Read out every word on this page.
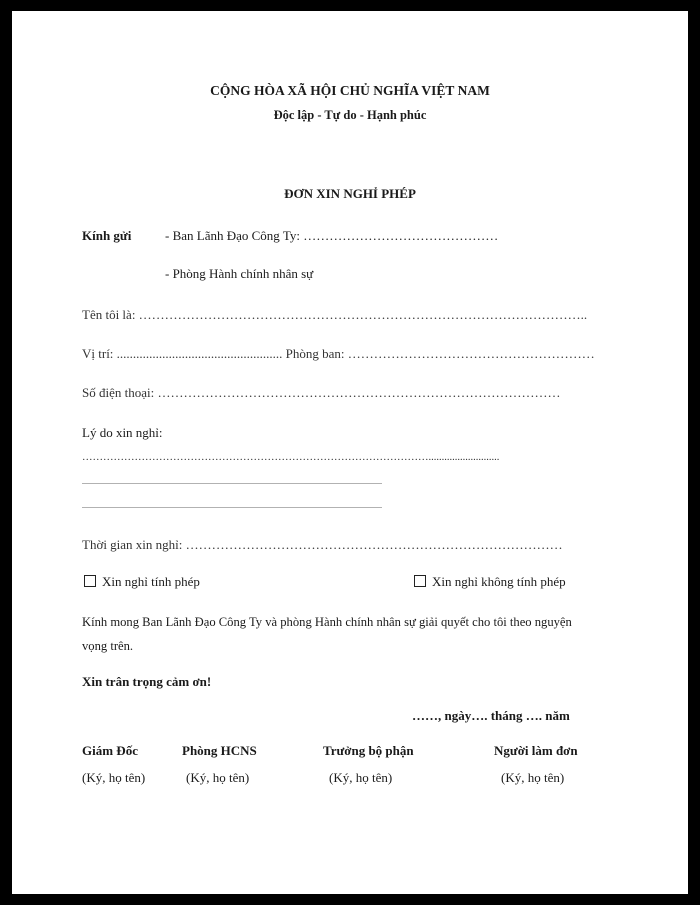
CỘNG HÒA XÃ HỘI CHỦ NGHĨA VIỆT NAM
Độc lập - Tự do - Hạnh phúc
ĐƠN XIN NGHỈ PHÉP
Kính gửi	- Ban Lãnh Đạo Công Ty: ………………………………………
- Phòng Hành chính nhân sự
Tên tôi là: …………………………………………………………………………………………..
Vị trí: ................................................... Phòng ban: …………………………………………………
Số điện thoại: …………………………………………………………………………………
Lý do xin nghỉ:
………………………………………………………………………………………...........................
......................................................................................................................................................
......................................................................................................................................................
Thời gian xin nghỉ: ……………………………………………………………………………
Xin nghỉ tính phép	Xin nghỉ không tính phép
Kính mong Ban Lãnh Đạo Công Ty và phòng Hành chính nhân sự giải quyết cho tôi theo nguyện
vọng trên.
Xin trân trọng cảm ơn!
……, ngày…. tháng …. năm
Giám Đốc
(Ký, họ tên)
Phòng HCNS
(Ký, họ tên)
Trưởng bộ phận
(Ký, họ tên)
Người làm đơn
(Ký, họ tên)
